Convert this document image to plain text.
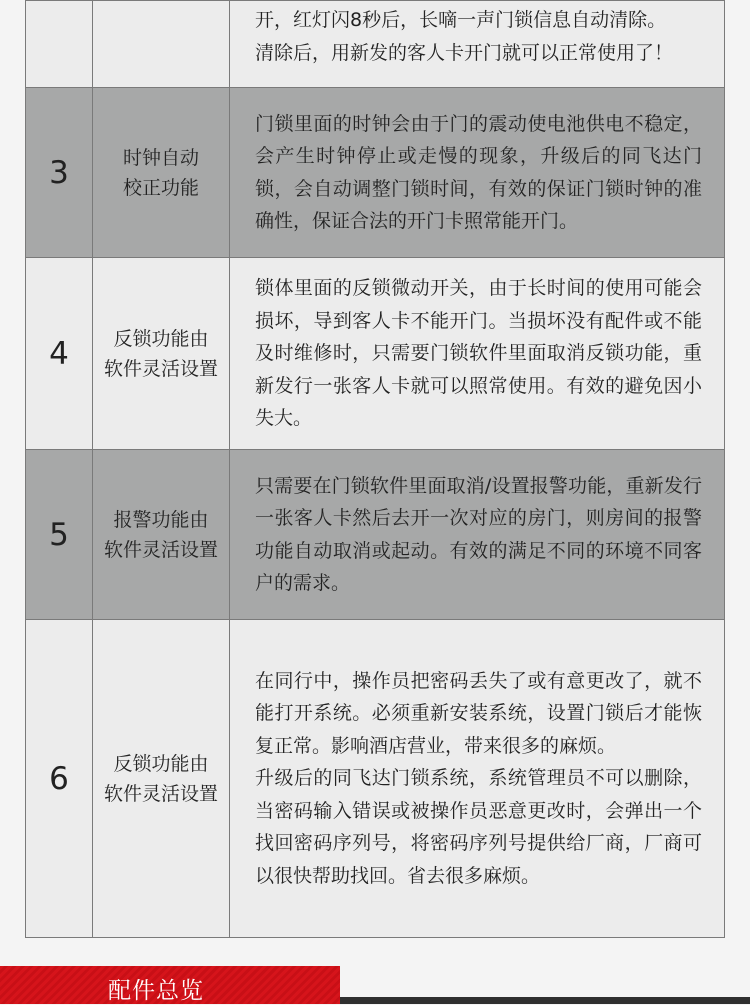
		开，红灯闪8秒后，长嘀一声门锁信息自动清除。
清除后，用新发的客人卡开门就可以正常使用了！
3	时钟自动
校正功能	门锁里面的时钟会由于门的震动使电池供电不稳定，会产生时钟停止或走慢的现象，升级后的同飞达门锁，会自动调整门锁时间，有效的保证门锁时钟的准确性，保证合法的开门卡照常能开门。
4	反锁功能由
软件灵活设置	锁体里面的反锁微动开关，由于长时间的使用可能会损坏，导到客人卡不能开门。当损坏没有配件或不能及时维修时，只需要门锁软件里面取消反锁功能，重新发行一张客人卡就可以照常使用。有效的避免因小失大。
5	报警功能由
软件灵活设置	只需要在门锁软件里面取消/设置报警功能，重新发行一张客人卡然后去开一次对应的房门，则房间的报警功能自动取消或起动。有效的满足不同的环境不同客户的需求。
6	反锁功能由
软件灵活设置	在同行中，操作员把密码丢失了或有意更改了，就不能打开系统。必须重新安装系统，设置门锁后才能恢复正常。影响酒店营业，带来很多的麻烦。
升级后的同飞达门锁系统，系统管理员不可以删除，当密码输入错误或被操作员恶意更改时，会弹出一个找回密码序列号，将密码序列号提供给厂商，厂商可以很快帮助找回。省去很多麻烦。
配件总览
